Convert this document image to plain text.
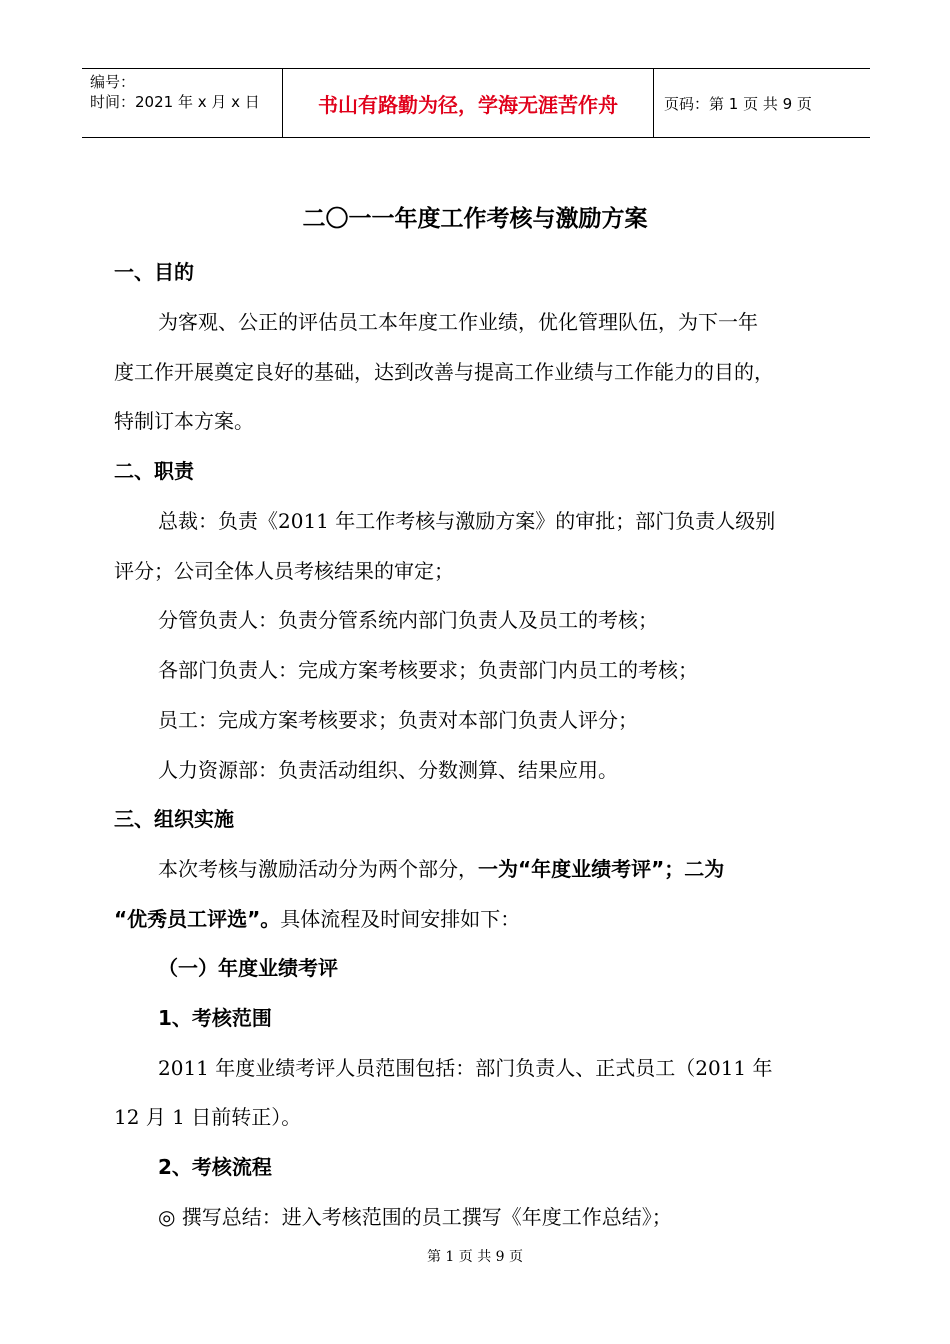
编号：
时间：2021 年 x 月 x 日	书山有路勤为径，学海无涯苦作舟	页码：第 1 页 共 9 页
二〇一一年度工作考核与激励方案
一、目的
为客观、公正的评估员工本年度工作业绩，优化管理队伍，为下一年
度工作开展奠定良好的基础，达到改善与提高工作业绩与工作能力的目的，
特制订本方案。
二、职责
总裁：负责《2011 年工作考核与激励方案》的审批；部门负责人级别
评分；公司全体人员考核结果的审定；
分管负责人：负责分管系统内部门负责人及员工的考核；
各部门负责人：完成方案考核要求；负责部门内员工的考核；
员工：完成方案考核要求；负责对本部门负责人评分；
人力资源部：负责活动组织、分数测算、结果应用。
三、组织实施
本次考核与激励活动分为两个部分，一为“年度业绩考评”；二为
“优秀员工评选”。具体流程及时间安排如下：
（一）年度业绩考评
1、考核范围
2011 年度业绩考评人员范围包括：部门负责人、正式员工（2011 年
12 月 1 日前转正）。
2、考核流程
◎ 撰写总结：进入考核范围的员工撰写《年度工作总结》；
第 1 页 共 9 页
